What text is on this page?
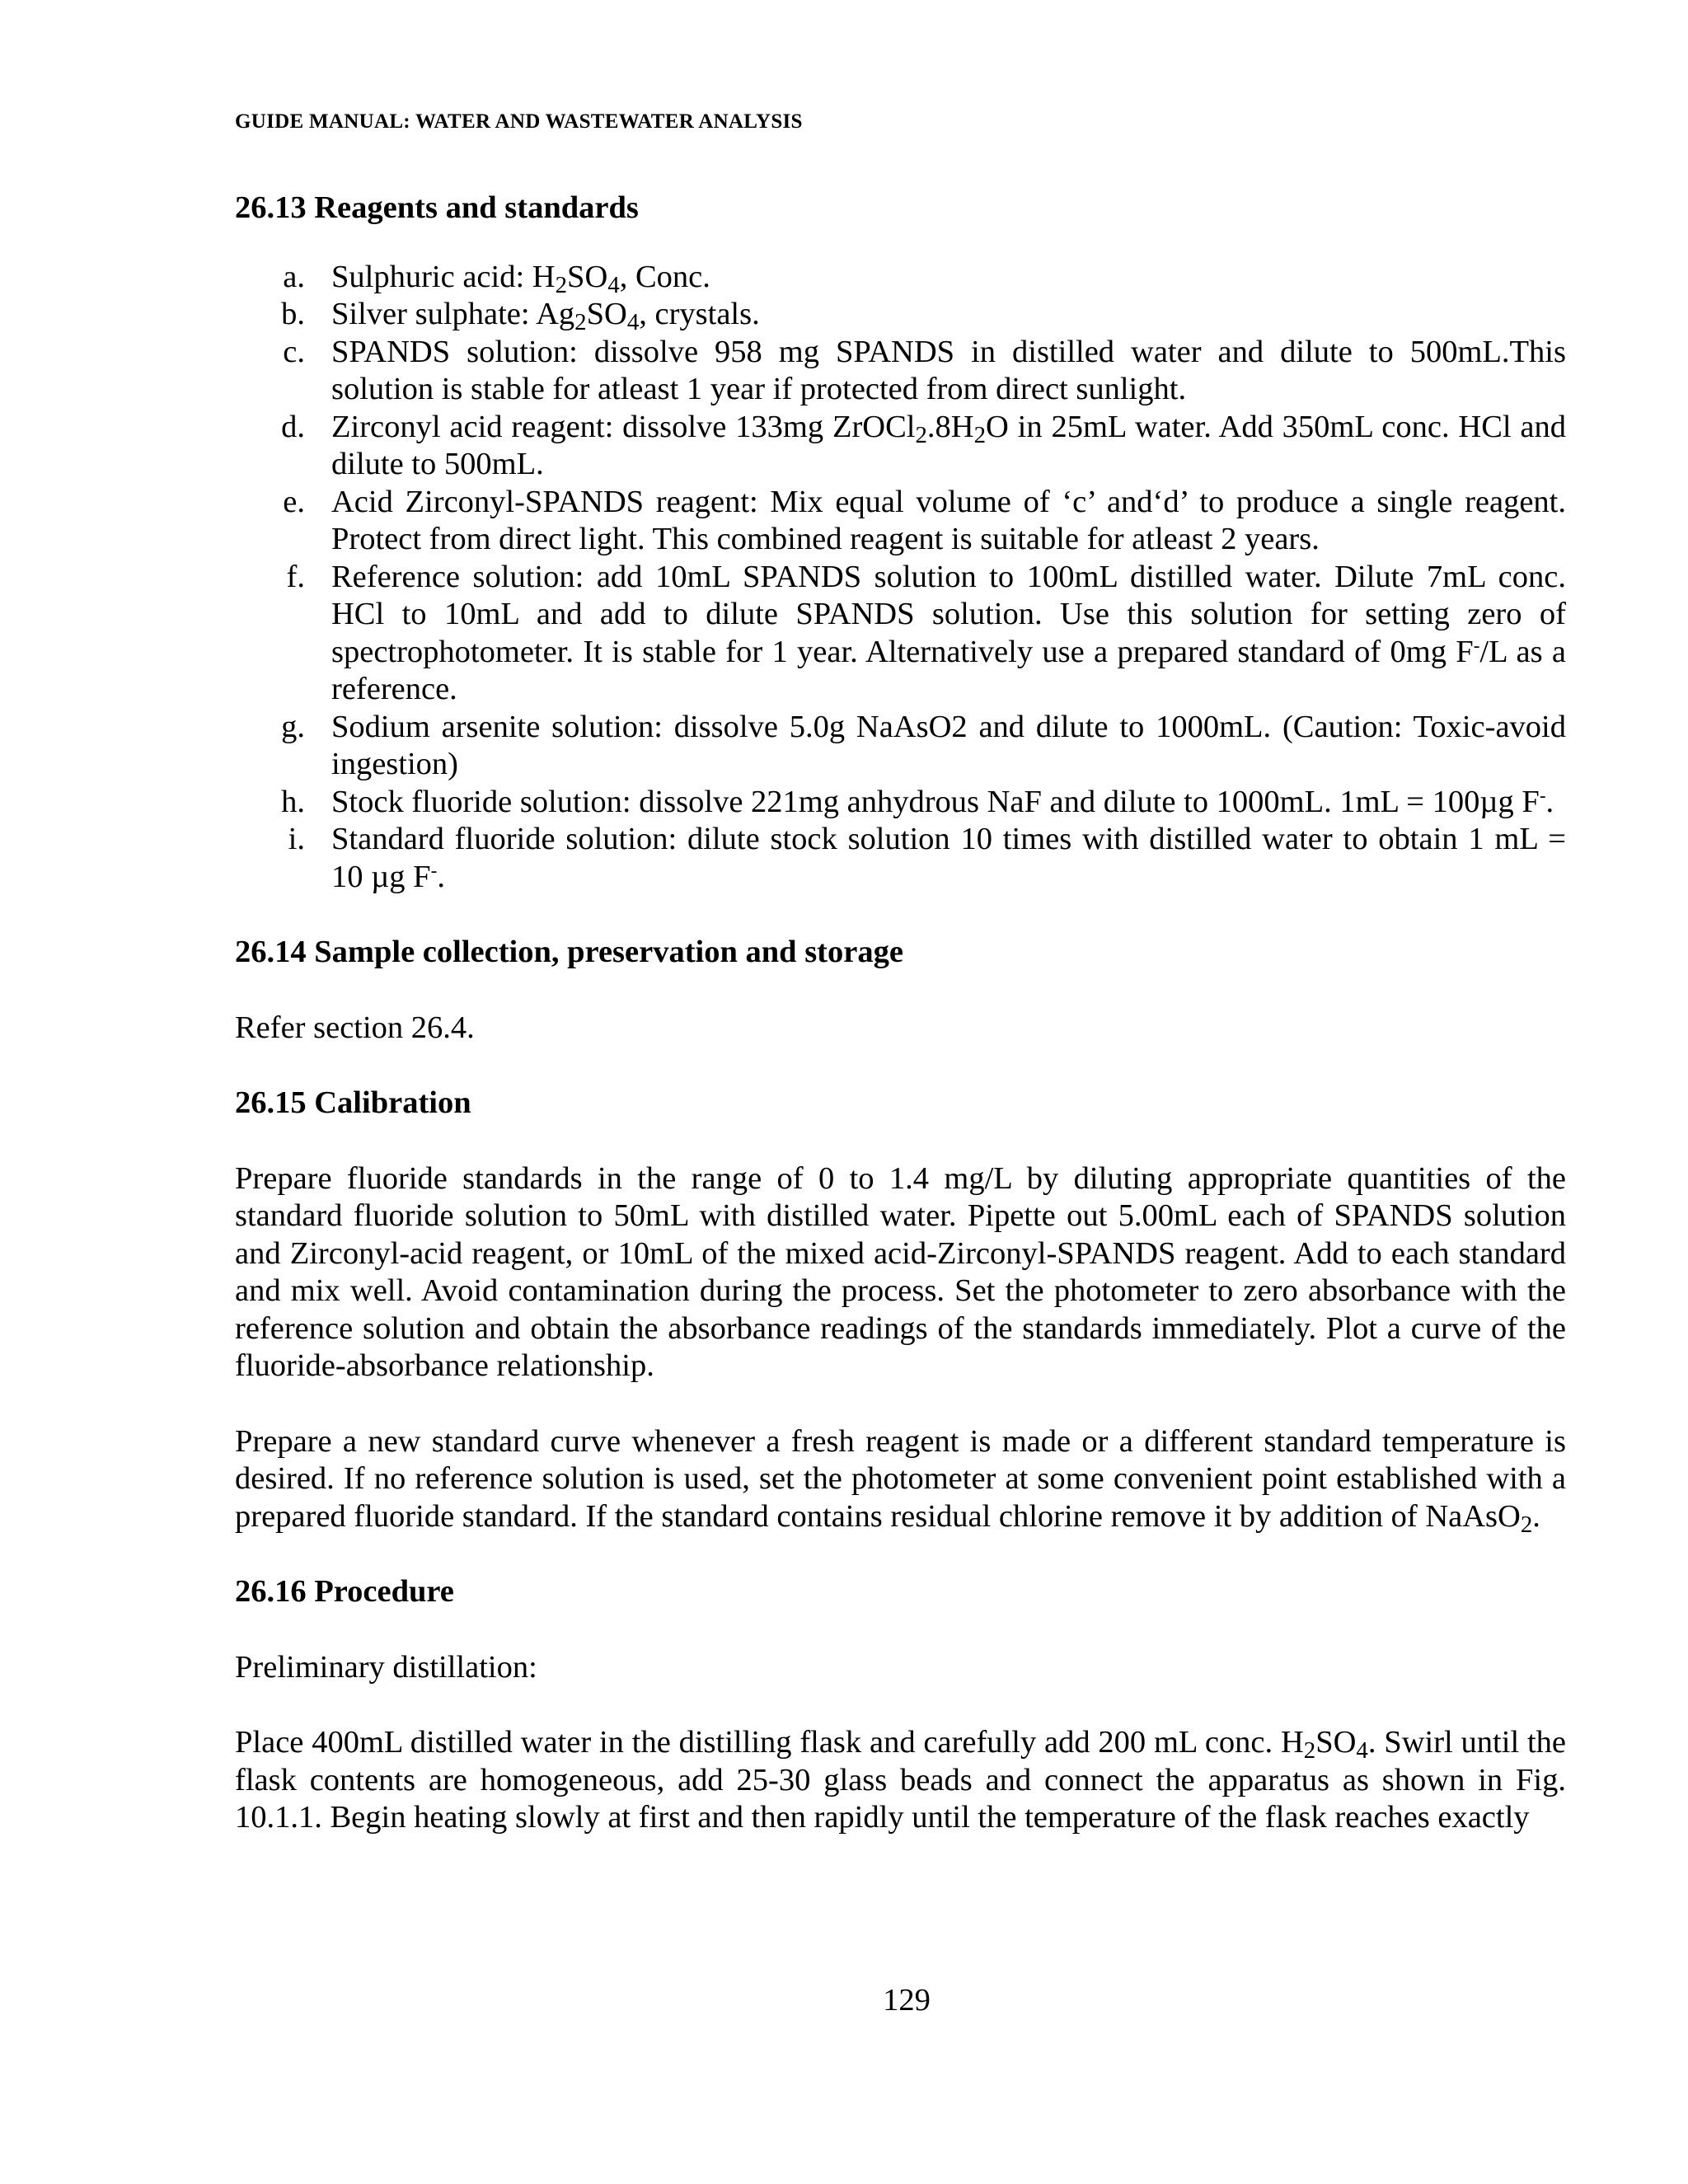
GUIDE MANUAL: WATER AND WASTEWATER ANALYSIS
26.13 Reagents and standards
a. Sulphuric acid: $H_2SO_4$, Conc.
b. Silver sulphate: $Ag_2SO_4$, crystals.
c. SPANDS solution: dissolve 958 mg SPANDS in distilled water and dilute to 500mL.This solution is stable for atleast 1 year if protected from direct sunlight.
d. Zirconyl acid reagent: dissolve 133mg $ZrOCl_2.8H_2O$ in 25mL water. Add 350mL conc. HCl and dilute to 500mL.
e. Acid Zirconyl-SPANDS reagent: Mix equal volume of ‘c’ and‘d’ to produce a single reagent. Protect from direct light. This combined reagent is suitable for atleast 2 years.
f. Reference solution: add 10mL SPANDS solution to 100mL distilled water. Dilute 7mL conc. HCl to 10mL and add to dilute SPANDS solution. Use this solution for setting zero of spectrophotometer. It is stable for 1 year. Alternatively use a prepared standard of 0mg F-/L as a reference.
g. Sodium arsenite solution: dissolve 5.0g NaAsO2 and dilute to 1000mL. (Caution: Toxic-avoid ingestion)
h. Stock fluoride solution: dissolve 221mg anhydrous NaF and dilute to 1000mL. 1mL = 100µg F-.
i. Standard fluoride solution: dilute stock solution 10 times with distilled water to obtain 1 mL = 10 µg F-.
26.14 Sample collection, preservation and storage

Refer section 26.4.

26.15 Calibration

Prepare fluoride standards in the range of 0 to 1.4 mg/L by diluting appropriate quantities of the standard fluoride solution to 50mL with distilled water. Pipette out 5.00mL each of SPANDS solution and Zirconyl-acid reagent, or 10mL of the mixed acid-Zirconyl-SPANDS reagent. Add to each standard and mix well. Avoid contamination during the process. Set the photometer to zero absorbance with the reference solution and obtain the absorbance readings of the standards immediately. Plot a curve of the fluoride-absorbance relationship.

Prepare a new standard curve whenever a fresh reagent is made or a different standard temperature is desired. If no reference solution is used, set the photometer at some convenient point established with a prepared fluoride standard. If the standard contains residual chlorine remove it by addition of NaAsO$_2$.

26.16 Procedure

Preliminary distillation:

Place 400mL distilled water in the distilling flask and carefully add 200 mL conc. $H_2SO_4$. Swirl until the flask contents are homogeneous, add 25-30 glass beads and connect the apparatus as shown in Fig. 10.1.1. Begin heating slowly at first and then rapidly until the temperature of the flask reaches exactly

129
